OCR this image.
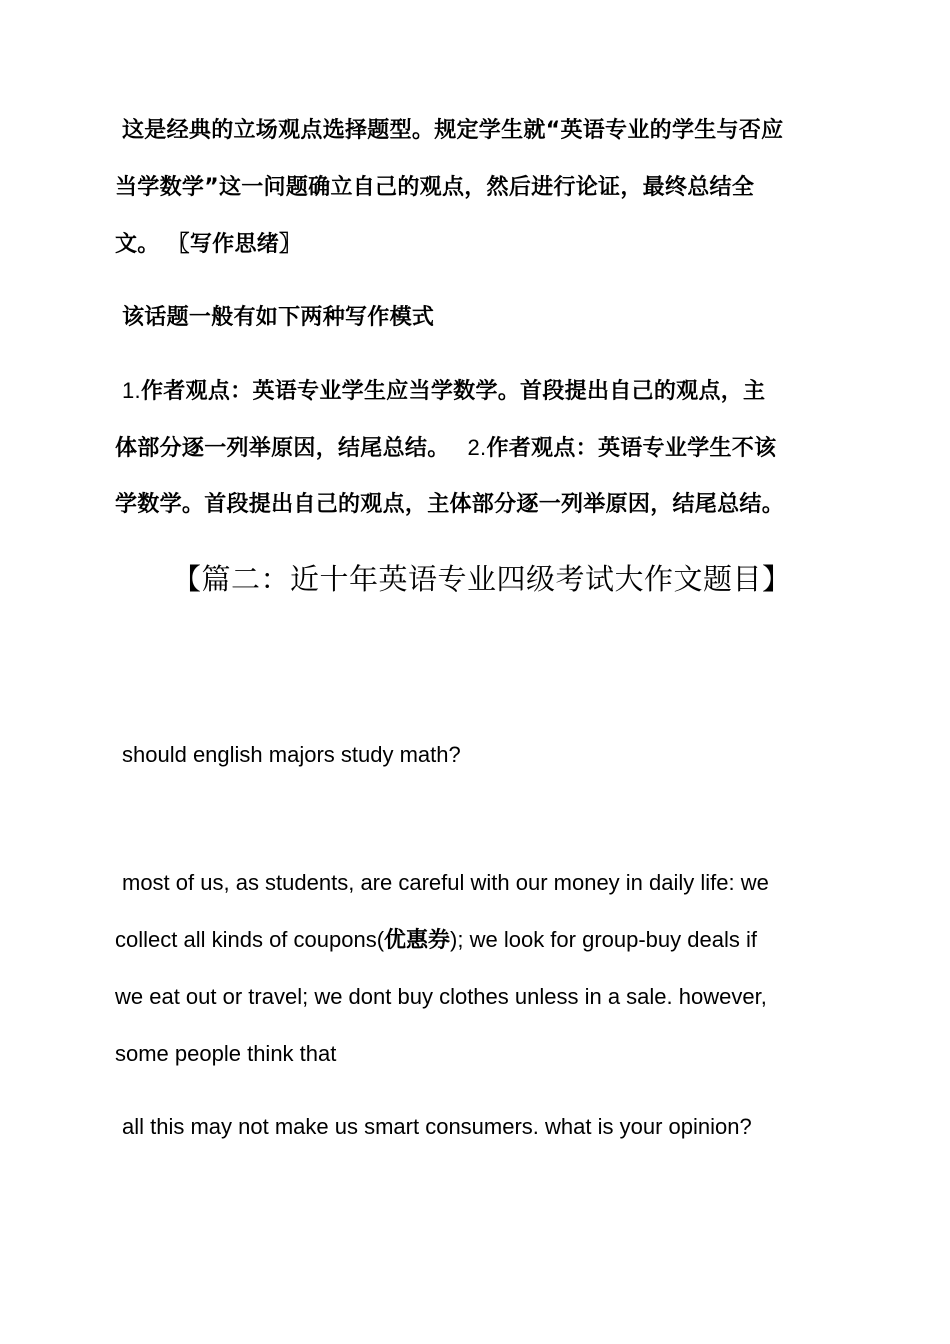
这是经典的立场观点选择题型。规定学生就“英语专业的学生与否应
当学数学”这一问题确立自己的观点，然后进行论证，最终总结全
文。 〖写作思绪〗
该话题一般有如下两种写作模式
1.作者观点：英语专业学生应当学数学。首段提出自己的观点，主
体部分逐一列举原因，结尾总结。 2.作者观点：英语专业学生不该
学数学。首段提出自己的观点，主体部分逐一列举原因，结尾总结。
【篇二：近十年英语专业四级考试大作文题目】
should english majors study math?
most of us, as students, are careful with our money in daily life: we
collect all kinds of coupons(优惠券); we look for group-buy deals if
we eat out or travel; we dont buy clothes unless in a sale. however,
some people think that
all this may not make us smart consumers. what is your opinion?
